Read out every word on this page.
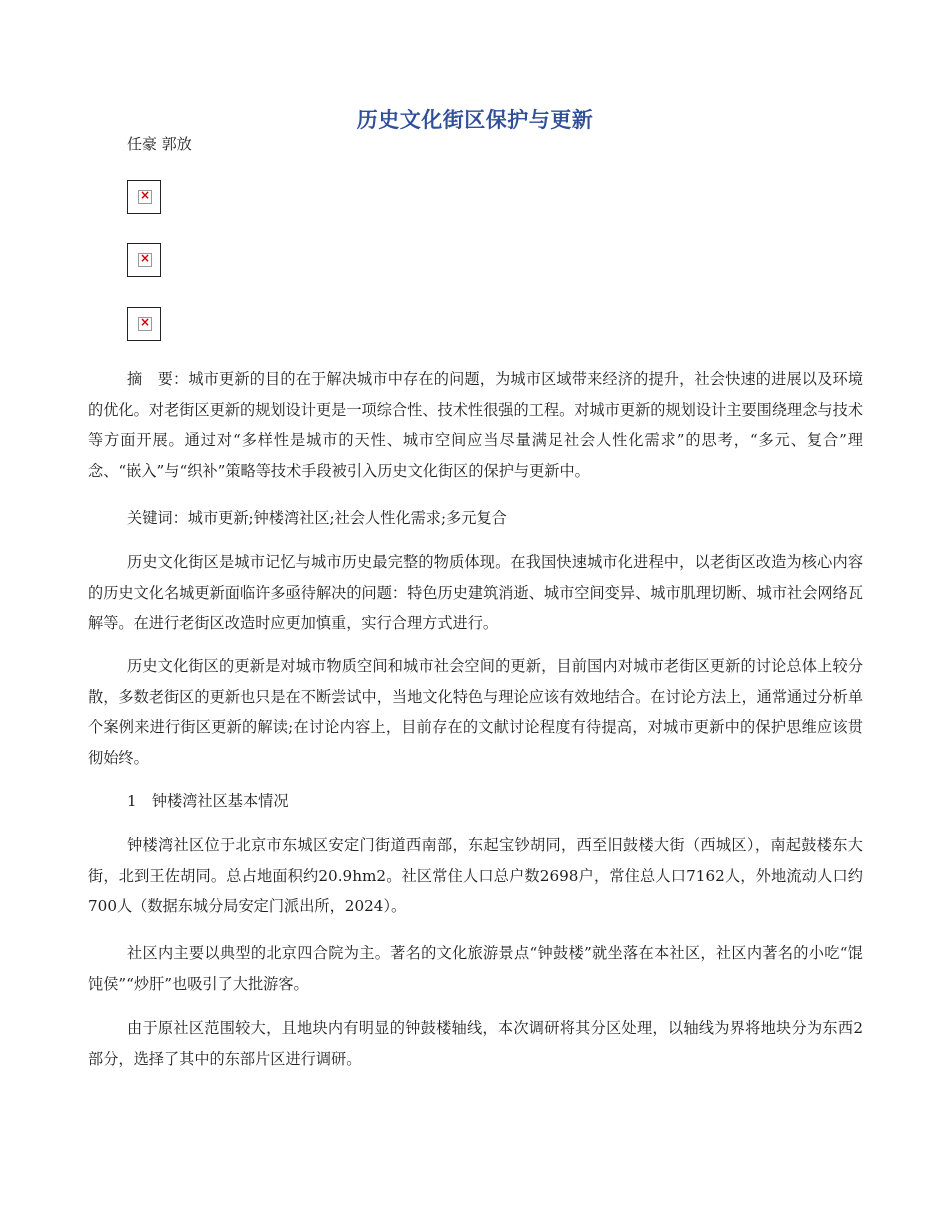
历史文化街区保护与更新
任豪 郭放
×
×
×

摘　要：城市更新的目的在于解决城市中存在的问题，为城市区域带来经济的提升，社会快速的进展以及环境的优化。对老街区更新的规划设计更是一项综合性、技术性很强的工程。对城市更新的规划设计主要围绕理念与技术等方面开展。通过对“多样性是城市的天性、城市空间应当尽量满足社会人性化需求”的思考，“多元、复合”理念、“嵌入”与“织补”策略等技术手段被引入历史文化街区的保护与更新中。

关键词：城市更新;钟楼湾社区;社会人性化需求;多元复合

历史文化街区是城市记忆与城市历史最完整的物质体现。在我国快速城市化进程中，以老街区改造为核心内容的历史文化名城更新面临许多亟待解决的问题：特色历史建筑消逝、城市空间变异、城市肌理切断、城市社会网络瓦解等。在进行老街区改造时应更加慎重，实行合理方式进行。

历史文化街区的更新是对城市物质空间和城市社会空间的更新，目前国内对城市老街区更新的讨论总体上较分散，多数老街区的更新也只是在不断尝试中，当地文化特色与理论应该有效地结合。在讨论方法上，通常通过分析单个案例来进行街区更新的解读;在讨论内容上，目前存在的文献讨论程度有待提高，对城市更新中的保护思维应该贯彻始终。

1　钟楼湾社区基本情况

钟楼湾社区位于北京市东城区安定门街道西南部，东起宝钞胡同，西至旧鼓楼大街（西城区），南起鼓楼东大街，北到王佐胡同。总占地面积约20.9hm2。社区常住人口总户数2698户，常住总人口7162人，外地流动人口约700人（数据东城分局安定门派出所，2024）。

社区内主要以典型的北京四合院为主。著名的文化旅游景点“钟鼓楼”就坐落在本社区，社区内著名的小吃“馄饨侯”“炒肝”也吸引了大批游客。

由于原社区范围较大，且地块内有明显的钟鼓楼轴线，本次调研将其分区处理，以轴线为界将地块分为东西2部分，选择了其中的东部片区进行调研。
